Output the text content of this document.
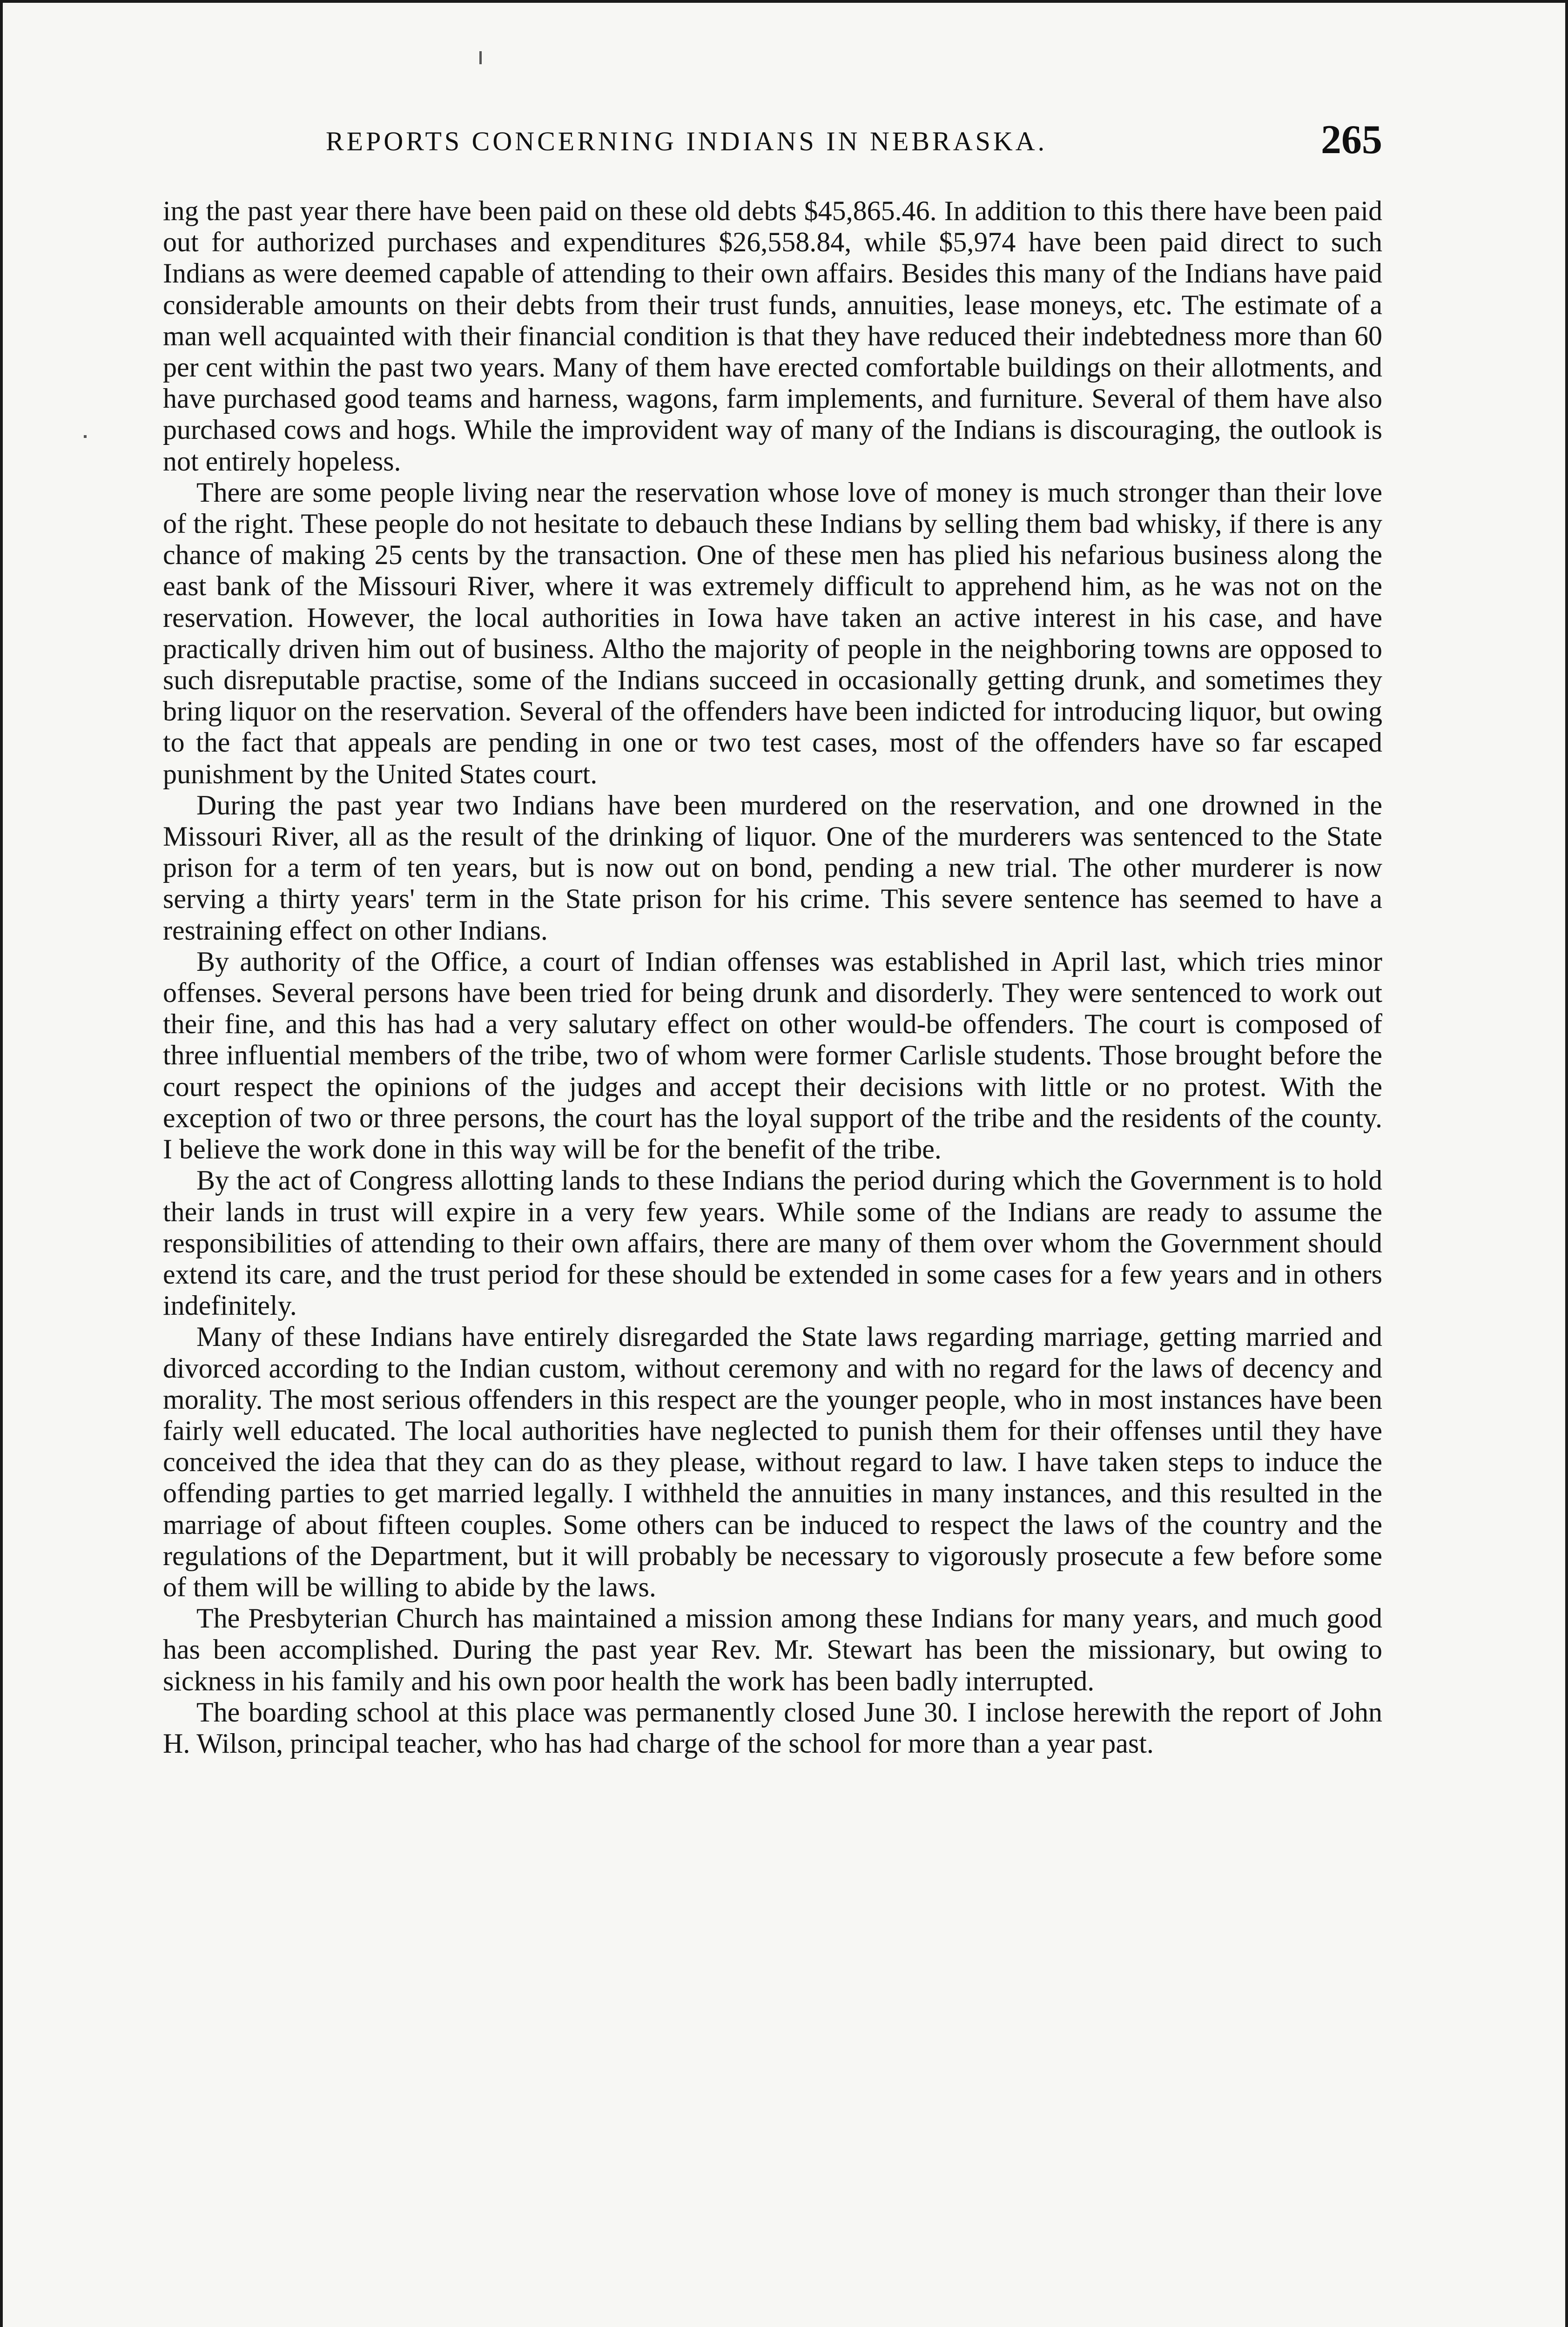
REPORTS CONCERNING INDIANS IN NEBRASKA.	265

ing the past year there have been paid on these old debts $45,865.46. In addition to this there have been paid out for authorized purchases and expenditures $26,558.84, while $5,974 have been paid direct to such Indians as were deemed capable of attending to their own affairs. Besides this many of the Indians have paid considerable amounts on their debts from their trust funds, annuities, lease moneys, etc. The estimate of a man well acquainted with their financial condition is that they have reduced their indebtedness more than 60 per cent within the past two years. Many of them have erected comfortable buildings on their allotments, and have purchased good teams and harness, wagons, farm implements, and furniture. Several of them have also purchased cows and hogs. While the improvident way of many of the Indians is discouraging, the outlook is not entirely hopeless.

There are some people living near the reservation whose love of money is much stronger than their love of the right. These people do not hesitate to debauch these Indians by selling them bad whisky, if there is any chance of making 25 cents by the transaction. One of these men has plied his nefarious business along the east bank of the Missouri River, where it was extremely difficult to apprehend him, as he was not on the reservation. However, the local authorities in Iowa have taken an active interest in his case, and have practically driven him out of business. Altho the majority of people in the neighboring towns are opposed to such disreputable practise, some of the Indians succeed in occasionally getting drunk, and sometimes they bring liquor on the reservation. Several of the offenders have been indicted for introducing liquor, but owing to the fact that appeals are pending in one or two test cases, most of the offenders have so far escaped punishment by the United States court.

During the past year two Indians have been murdered on the reservation, and one drowned in the Missouri River, all as the result of the drinking of liquor. One of the murderers was sentenced to the State prison for a term of ten years, but is now out on bond, pending a new trial. The other murderer is now serving a thirty years' term in the State prison for his crime. This severe sentence has seemed to have a restraining effect on other Indians.

By authority of the Office, a court of Indian offenses was established in April last, which tries minor offenses. Several persons have been tried for being drunk and disorderly. They were sentenced to work out their fine, and this has had a very salutary effect on other would-be offenders. The court is composed of three influential members of the tribe, two of whom were former Carlisle students. Those brought before the court respect the opinions of the judges and accept their decisions with little or no protest. With the exception of two or three persons, the court has the loyal support of the tribe and the residents of the county. I believe the work done in this way will be for the benefit of the tribe.

By the act of Congress allotting lands to these Indians the period during which the Government is to hold their lands in trust will expire in a very few years. While some of the Indians are ready to assume the responsibilities of attending to their own affairs, there are many of them over whom the Government should extend its care, and the trust period for these should be extended in some cases for a few years and in others indefinitely.

Many of these Indians have entirely disregarded the State laws regarding marriage, getting married and divorced according to the Indian custom, without ceremony and with no regard for the laws of decency and morality. The most serious offenders in this respect are the younger people, who in most instances have been fairly well educated. The local authorities have neglected to punish them for their offenses until they have conceived the idea that they can do as they please, without regard to law. I have taken steps to induce the offending parties to get married legally. I withheld the annuities in many instances, and this resulted in the marriage of about fifteen couples. Some others can be induced to respect the laws of the country and the regulations of the Department, but it will probably be necessary to vigorously prosecute a few before some of them will be willing to abide by the laws.

The Presbyterian Church has maintained a mission among these Indians for many years, and much good has been accomplished. During the past year Rev. Mr. Stewart has been the missionary, but owing to sickness in his family and his own poor health the work has been badly interrupted.

The boarding school at this place was permanently closed June 30. I inclose herewith the report of John H. Wilson, principal teacher, who has had charge of the school for more than a year past.
